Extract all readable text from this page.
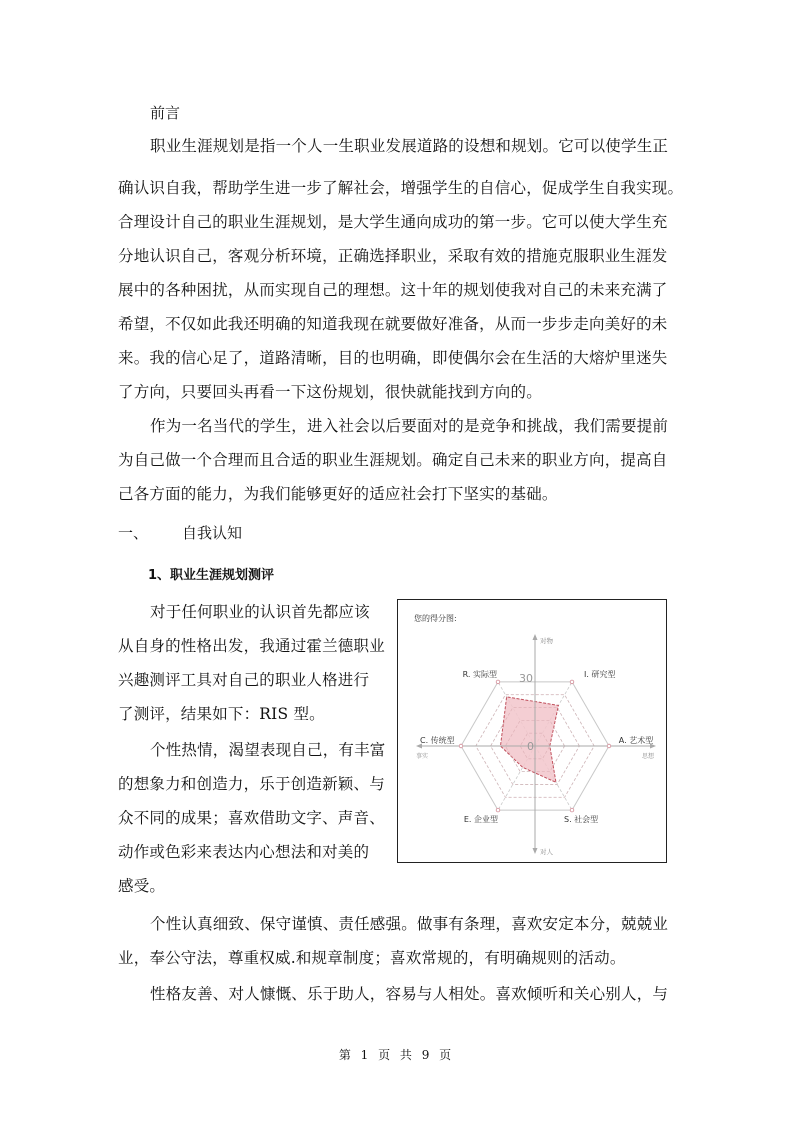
前言
职业生涯规划是指一个人一生职业发展道路的设想和规划。它可以使学生正
确认识自我，帮助学生进一步了解社会，增强学生的自信心，促成学生自我实现。
合理设计自己的职业生涯规划，是大学生通向成功的第一步。它可以使大学生充
分地认识自己，客观分析环境，正确选择职业，采取有效的措施克服职业生涯发
展中的各种困扰，从而实现自己的理想。这十年的规划使我对自己的未来充满了
希望，不仅如此我还明确的知道我现在就要做好准备，从而一步步走向美好的未
来。我的信心足了，道路清晰，目的也明确，即使偶尔会在生活的大熔炉里迷失
了方向，只要回头再看一下这份规划，很快就能找到方向的。
作为一名当代的学生，进入社会以后要面对的是竞争和挑战，我们需要提前
为自己做一个合理而且合适的职业生涯规划。确定自己未来的职业方向，提高自
己各方面的能力，为我们能够更好的适应社会打下坚实的基础。
一、 自我认知
1、职业生涯规划测评
对于任何职业的认识首先都应该
从自身的性格出发，我通过霍兰德职业
兴趣测评工具对自己的职业人格进行
了测评，结果如下：RIS 型。
个性热情，渴望表现自己，有丰富
的想象力和创造力，乐于创造新颖、与
众不同的成果；喜欢借助文字、声音、
动作或色彩来表达内心想法和对美的
感受。
个性认真细致、保守谨慎、责任感强。做事有条理，喜欢安定本分，兢兢业
业，奉公守法，尊重权威.和规章制度；喜欢常规的，有明确规则的活动。
性格友善、对人慷慨、乐于助人，容易与人相处。喜欢倾听和关心别人，与
您的得分图:
A. 艺术型
I. 研究型
R. 实际型
C. 传统型
E. 企业型	S. 社会型
30
0
对物
对人
思想
事实
第 1 页 共 9 页
